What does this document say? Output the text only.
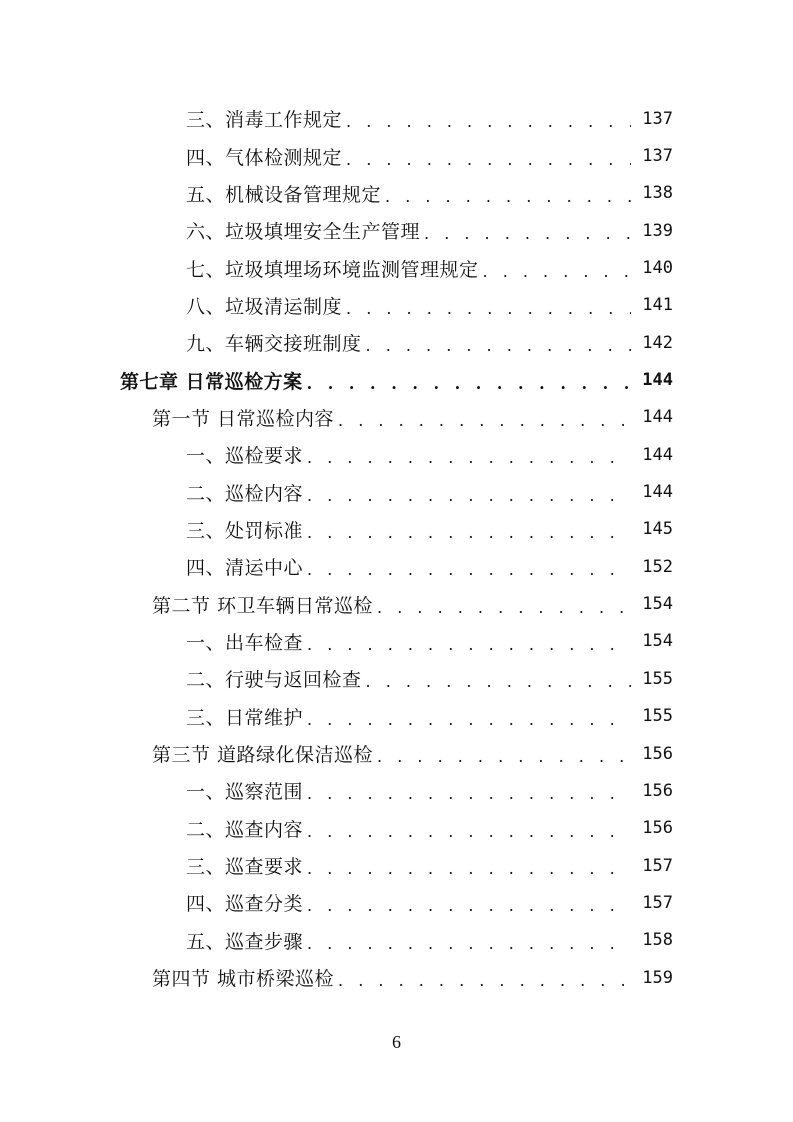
三、消毒工作规定 . . .	137
四、气体检测规定 . . .	137
五、机械设备管理规定 . . .	138
六、垃圾填埋安全生产管理 . . .	139
七、垃圾填埋场环境监测管理规定 . . .	140
八、垃圾清运制度 . . .	141
九、车辆交接班制度 . . .	142
第七章 日常巡检方案 . . .	144
第一节 日常巡检内容 . . .	144
一、巡检要求 . . .	144
二、巡检内容 . . .	144
三、处罚标准 . . .	145
四、清运中心 . . .	152
第二节 环卫车辆日常巡检 . . .	154
一、出车检查 . . .	154
二、行驶与返回检查 . . .	155
三、日常维护 . . .	155
第三节 道路绿化保洁巡检 . . .	156
一、巡察范围 . . .	156
二、巡查内容 . . .	156
三、巡查要求 . . .	157
四、巡查分类 . . .	157
五、巡查步骤 . . .	158
第四节 城市桥梁巡检 . . .	159
6
